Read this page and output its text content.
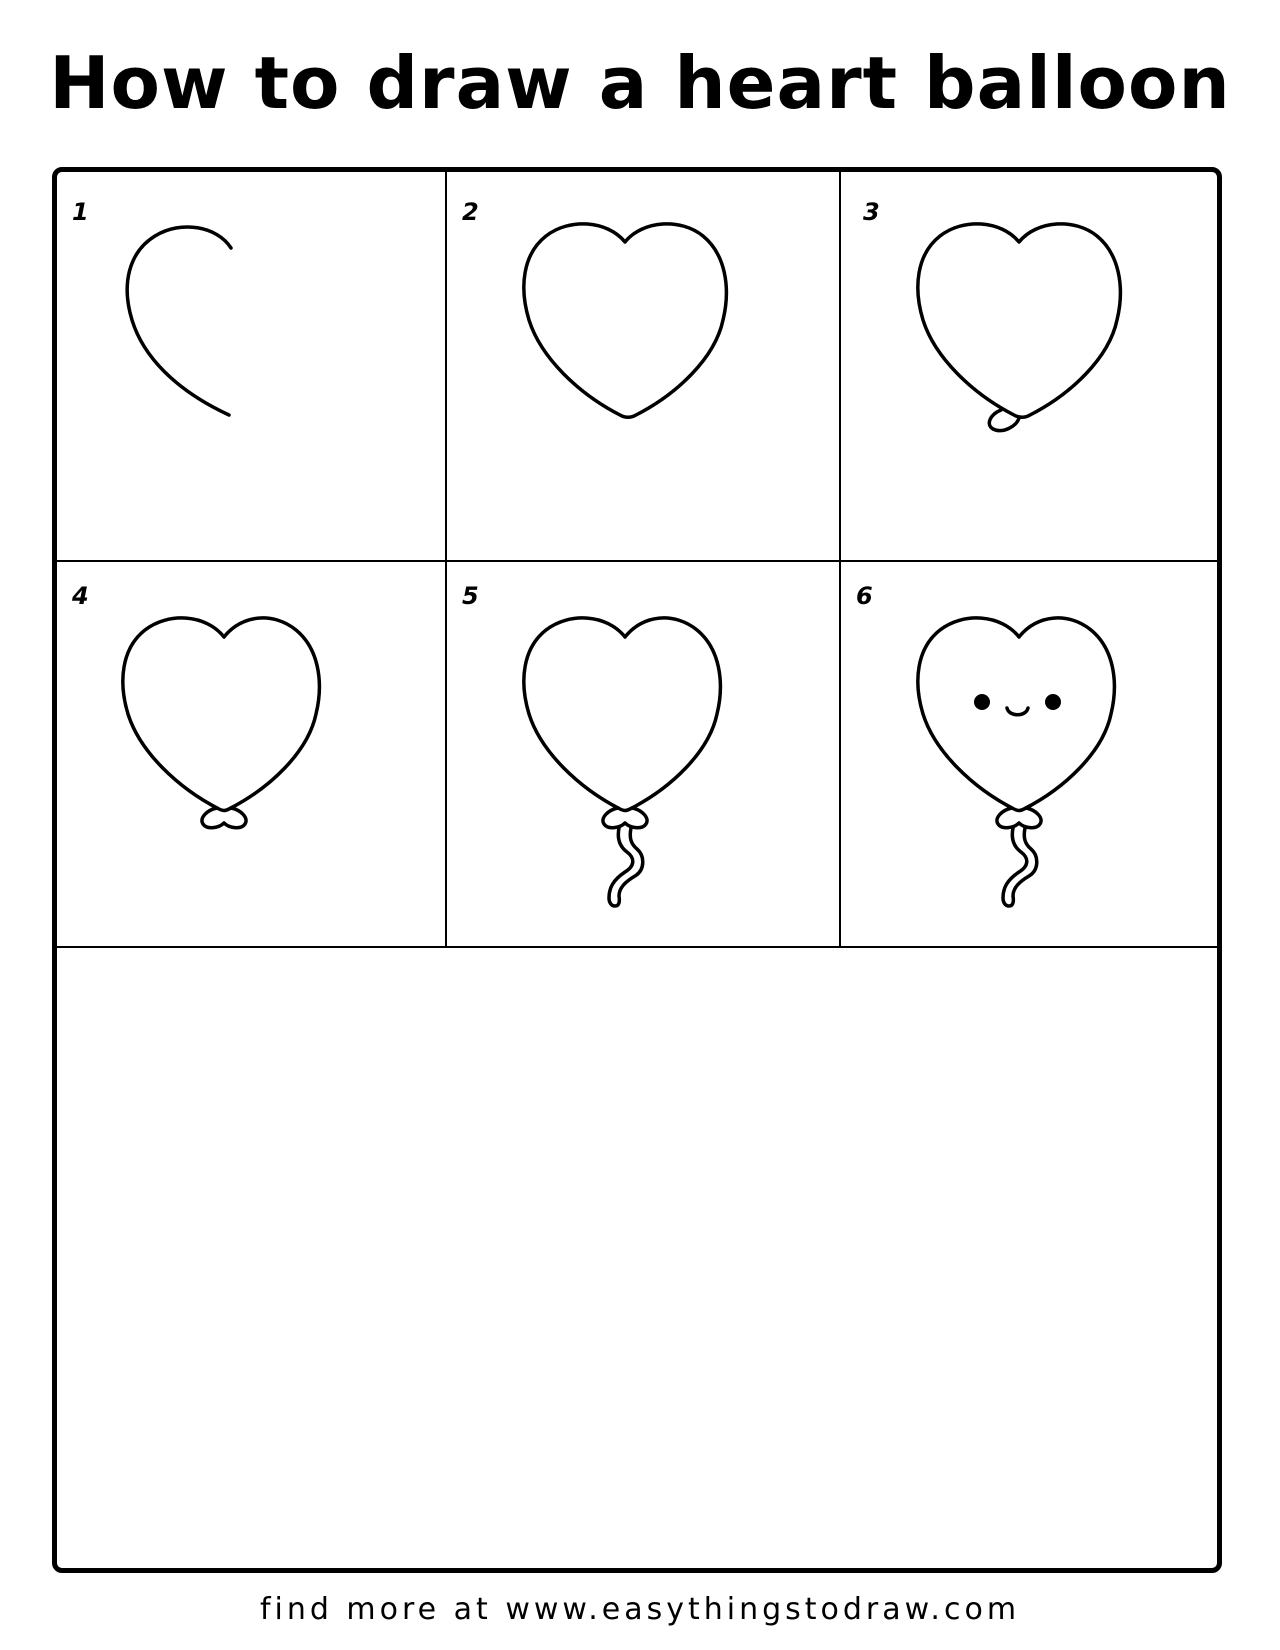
How to draw a heart balloon
1	2	3
4	5	6
find more at www.easythingstodraw.com
